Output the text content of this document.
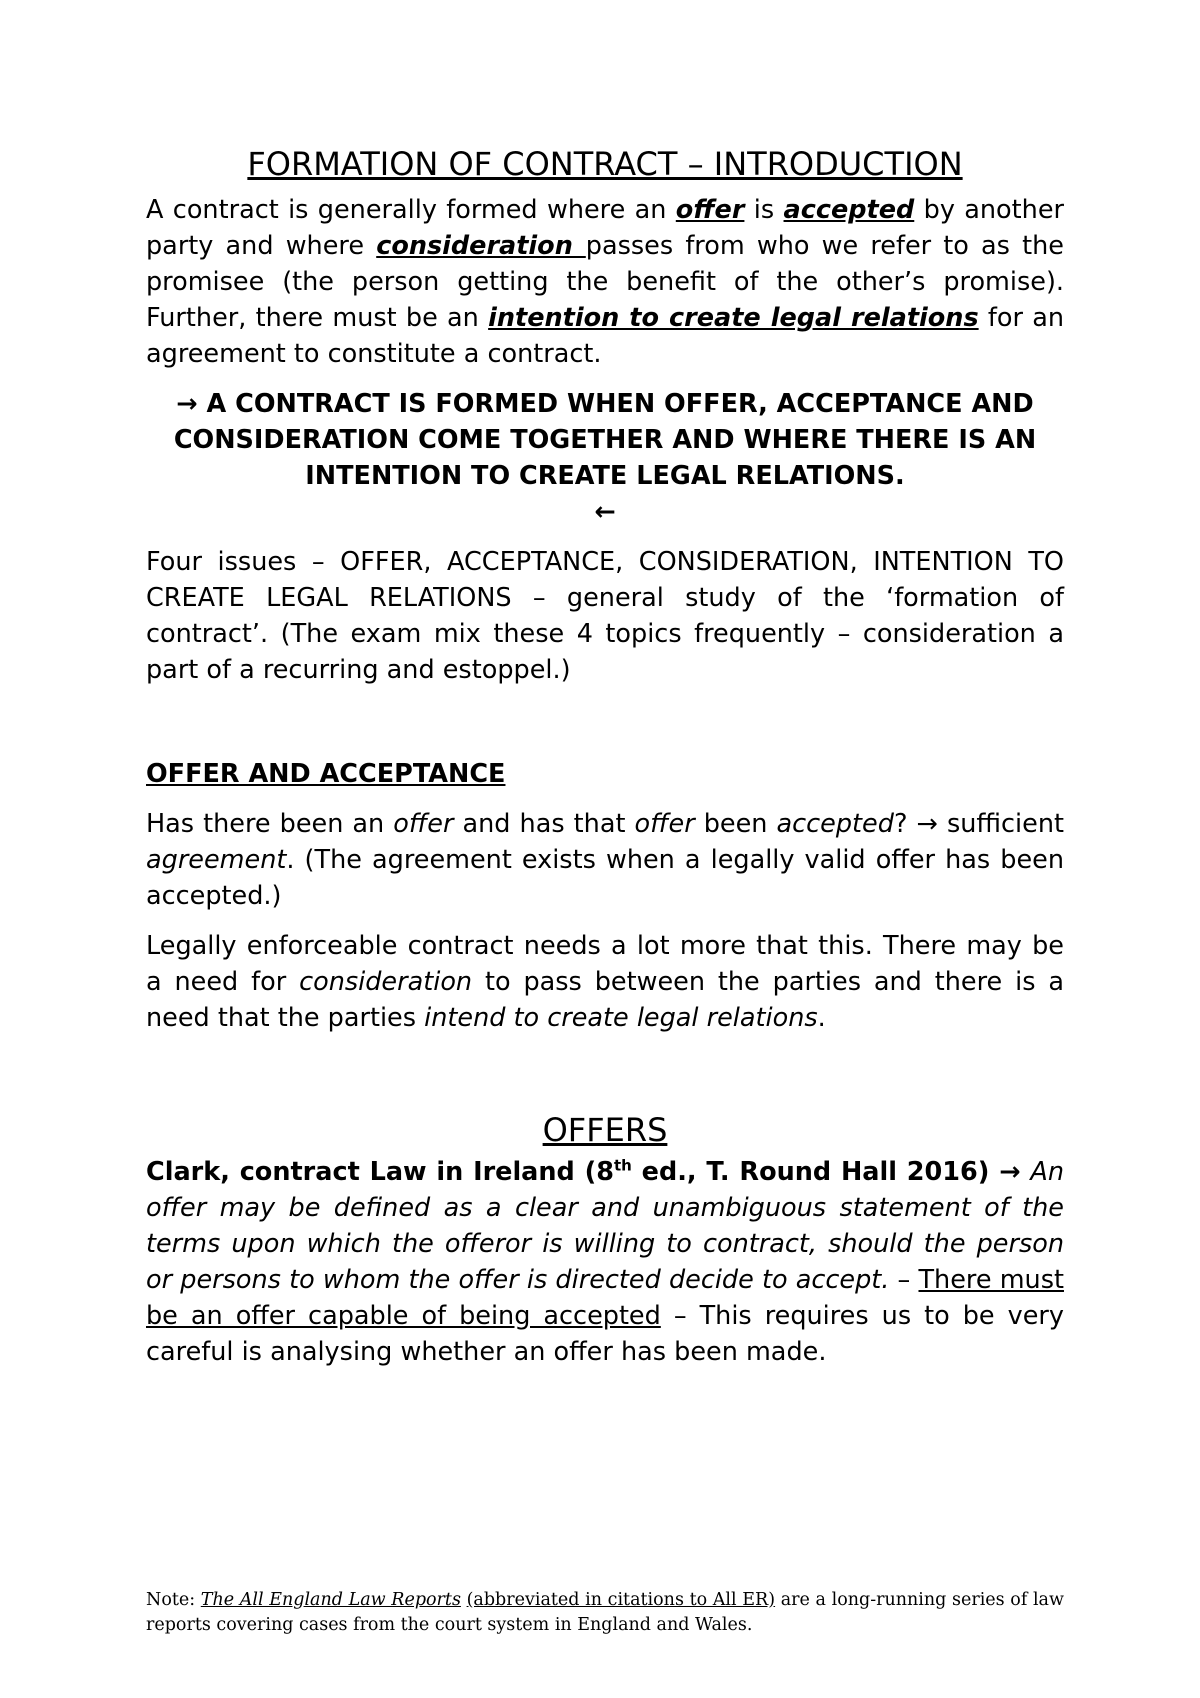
FORMATION OF CONTRACT – INTRODUCTION

A contract is generally formed where an offer is accepted by another party and where consideration passes from who we refer to as the promisee (the person getting the benefit of the other’s promise). Further, there must be an intention to create legal relations for an agreement to constitute a contract.

→ A CONTRACT IS FORMED WHEN OFFER, ACCEPTANCE AND CONSIDERATION COME TOGETHER AND WHERE THERE IS AN INTENTION TO CREATE LEGAL RELATIONS.
←

Four issues – OFFER, ACCEPTANCE, CONSIDERATION, INTENTION TO CREATE LEGAL RELATIONS – general study of the ‘formation of contract’. (The exam mix these 4 topics frequently – consideration a part of a recurring and estoppel.)

OFFER AND ACCEPTANCE

Has there been an offer and has that offer been accepted? → sufficient agreement. (The agreement exists when a legally valid offer has been accepted.)

Legally enforceable contract needs a lot more that this. There may be a need for consideration to pass between the parties and there is a need that the parties intend to create legal relations.

OFFERS

Clark, contract Law in Ireland (8th ed., T. Round Hall 2016) → An offer may be defined as a clear and unambiguous statement of the terms upon which the offeror is willing to contract, should the person or persons to whom the offer is directed decide to accept. – There must be an offer capable of being accepted – This requires us to be very careful is analysing whether an offer has been made.

Note: The All England Law Reports (abbreviated in citations to All ER) are a long-running series of law reports covering cases from the court system in England and Wales.
